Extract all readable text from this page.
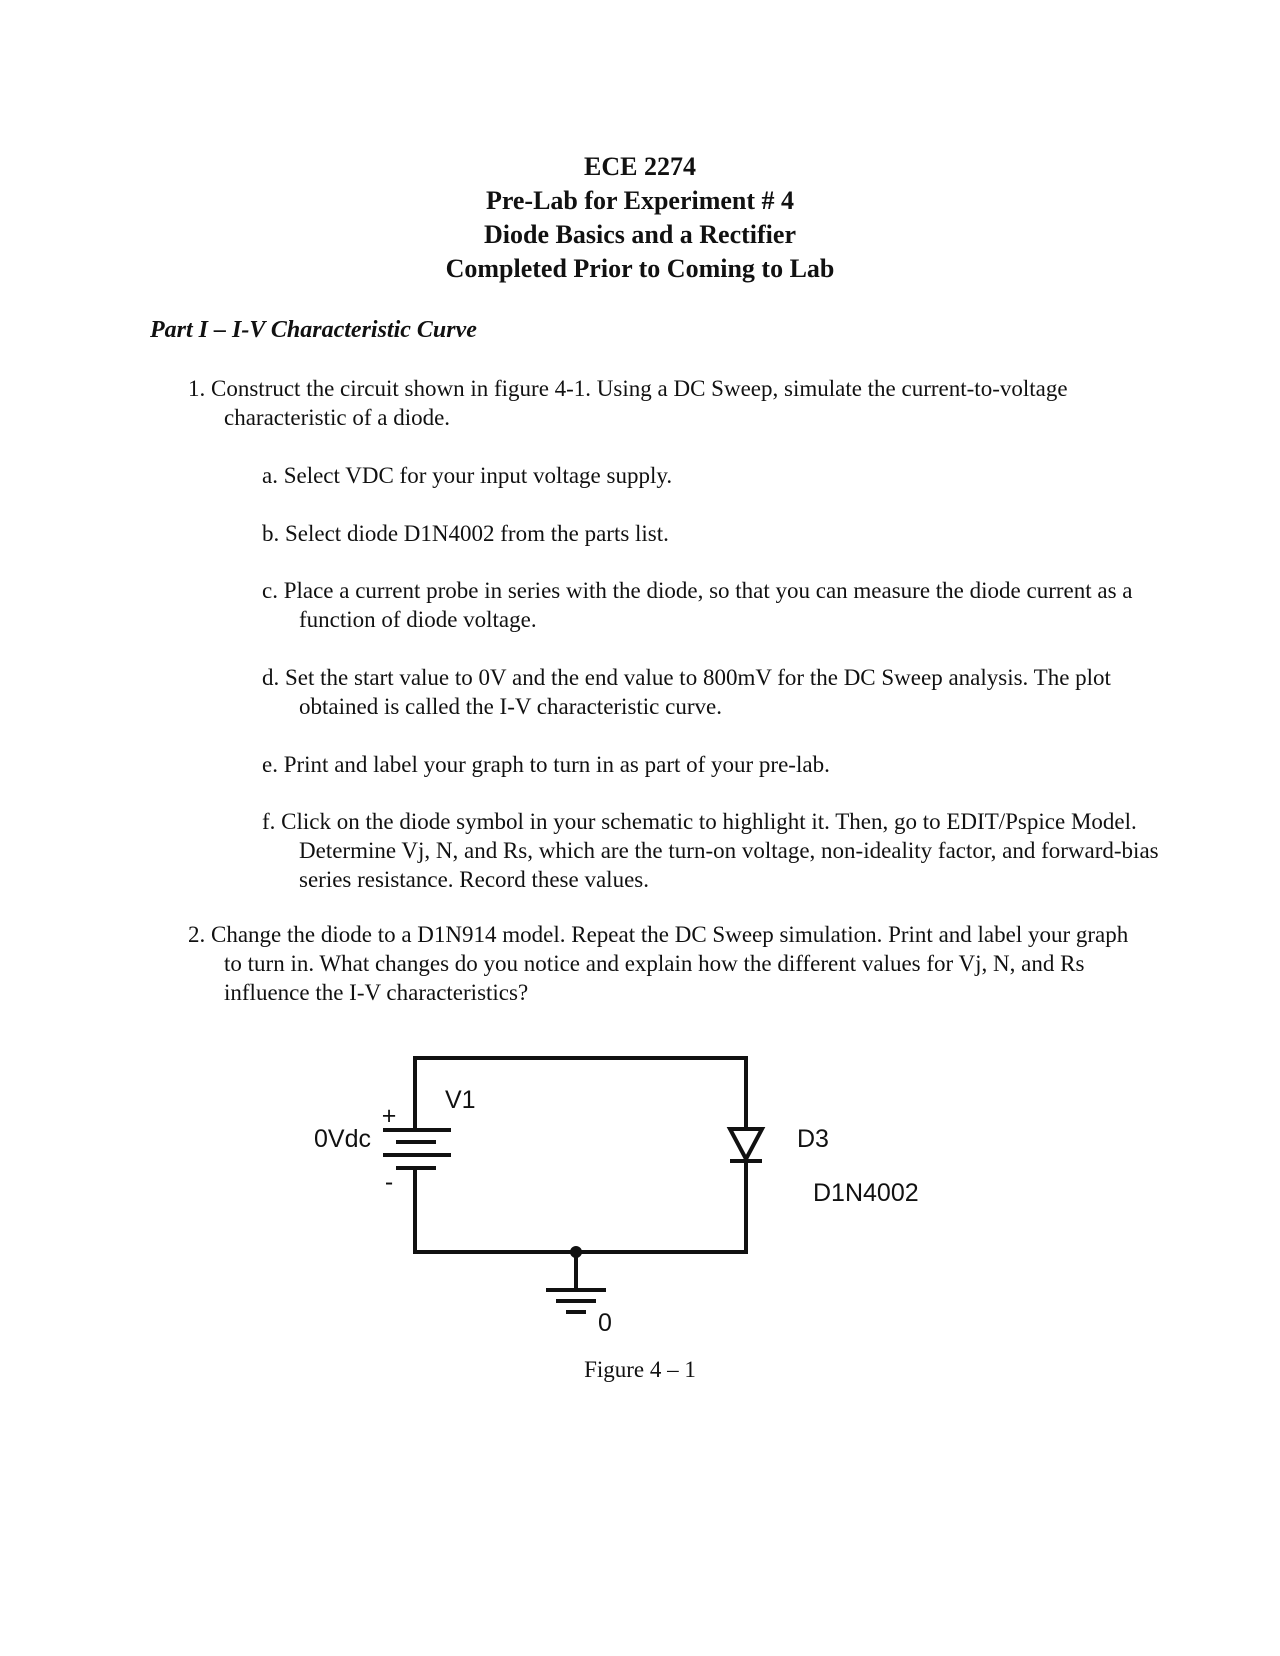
ECE 2274
Pre-Lab for Experiment # 4
Diode Basics and a Rectifier
Completed Prior to Coming to Lab
Part I – I-V Characteristic Curve
1. Construct the circuit shown in figure 4-1. Using a DC Sweep, simulate the current-to-voltage characteristic of a diode.
a. Select VDC for your input voltage supply.
b. Select diode D1N4002 from the parts list.
c. Place a current probe in series with the diode, so that you can measure the diode current as a function of diode voltage.
d. Set the start value to 0V and the end value to 800mV for the DC Sweep analysis. The plot obtained is called the I-V characteristic curve.
e. Print and label your graph to turn in as part of your pre-lab.
f. Click on the diode symbol in your schematic to highlight it. Then, go to EDIT/Pspice Model. Determine Vj, N, and Rs, which are the turn-on voltage, non-ideality factor, and forward-bias series resistance. Record these values.
2. Change the diode to a D1N914 model. Repeat the DC Sweep simulation. Print and label your graph to turn in. What changes do you notice and explain how the different values for Vj, N, and Rs influence the I-V characteristics?
+
-
V1
0Vdc	D3
D1N4002
0
Figure 4 – 1
